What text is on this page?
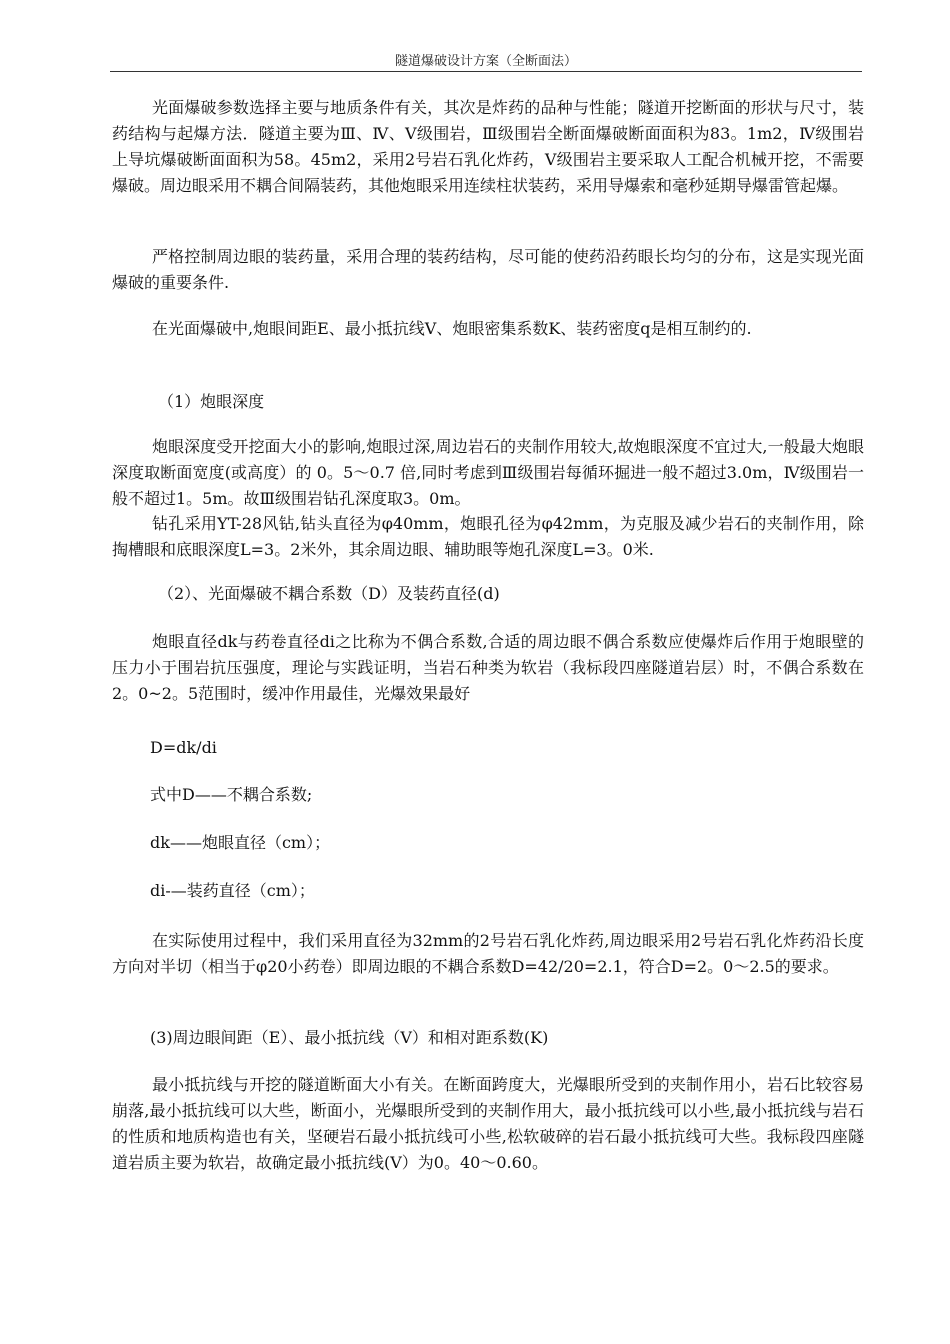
隧道爆破设计方案（全断面法）

光面爆破参数选择主要与地质条件有关，其次是炸药的品种与性能；隧道开挖断面的形状与尺寸，装药结构与起爆方法．隧道主要为Ⅲ、Ⅳ、Ⅴ级围岩，Ⅲ级围岩全断面爆破断面面积为83。1m2，Ⅳ级围岩上导坑爆破断面面积为58。45m2，采用2号岩石乳化炸药，Ⅴ级围岩主要采取人工配合机械开挖，不需要爆破。周边眼采用不耦合间隔装药，其他炮眼采用连续柱状装药，采用导爆索和毫秒延期导爆雷管起爆。

严格控制周边眼的装药量，采用合理的装药结构，尽可能的使药沿药眼长均匀的分布，这是实现光面爆破的重要条件.

在光面爆破中,炮眼间距E、最小抵抗线V、炮眼密集系数K、装药密度q是相互制约的.

（1）炮眼深度

炮眼深度受开挖面大小的影响,炮眼过深,周边岩石的夹制作用较大,故炮眼深度不宜过大,一般最大炮眼深度取断面宽度(或高度）的 0。5～0.7 倍,同时考虑到Ⅲ级围岩每循环掘进一般不超过3.0m，Ⅳ级围岩一般不超过1。5m。故Ⅲ级围岩钻孔深度取3。0m。

钻孔采用YT-28风钻,钻头直径为φ40mm，炮眼孔径为φ42mm，为克服及减少岩石的夹制作用，除掏槽眼和底眼深度L=3。2米外，其余周边眼、辅助眼等炮孔深度L=3。0米.

（2）、光面爆破不耦合系数（D）及装药直径(d)

炮眼直径dk与药卷直径di之比称为不偶合系数,合适的周边眼不偶合系数应使爆炸后作用于炮眼壁的压力小于围岩抗压强度，理论与实践证明，当岩石种类为软岩（我标段四座隧道岩层）时，不偶合系数在2。0~2。5范围时，缓冲作用最佳，光爆效果最好

D=dk/di

式中D——不耦合系数;

dk——炮眼直径（cm）；

di-—装药直径（cm）；

在实际使用过程中，我们采用直径为32mm的2号岩石乳化炸药,周边眼采用2号岩石乳化炸药沿长度方向对半切（相当于φ20小药卷）即周边眼的不耦合系数D=42/20=2.1，符合D=2。0～2.5的要求。

(3)周边眼间距（E）、最小抵抗线（V）和相对距系数(K)

最小抵抗线与开挖的隧道断面大小有关。在断面跨度大，光爆眼所受到的夹制作用小，岩石比较容易崩落,最小抵抗线可以大些，断面小，光爆眼所受到的夹制作用大，最小抵抗线可以小些,最小抵抗线与岩石的性质和地质构造也有关，坚硬岩石最小抵抗线可小些,松软破碎的岩石最小抵抗线可大些。我标段四座隧道岩质主要为软岩，故确定最小抵抗线(V）为0。40～0.60。
